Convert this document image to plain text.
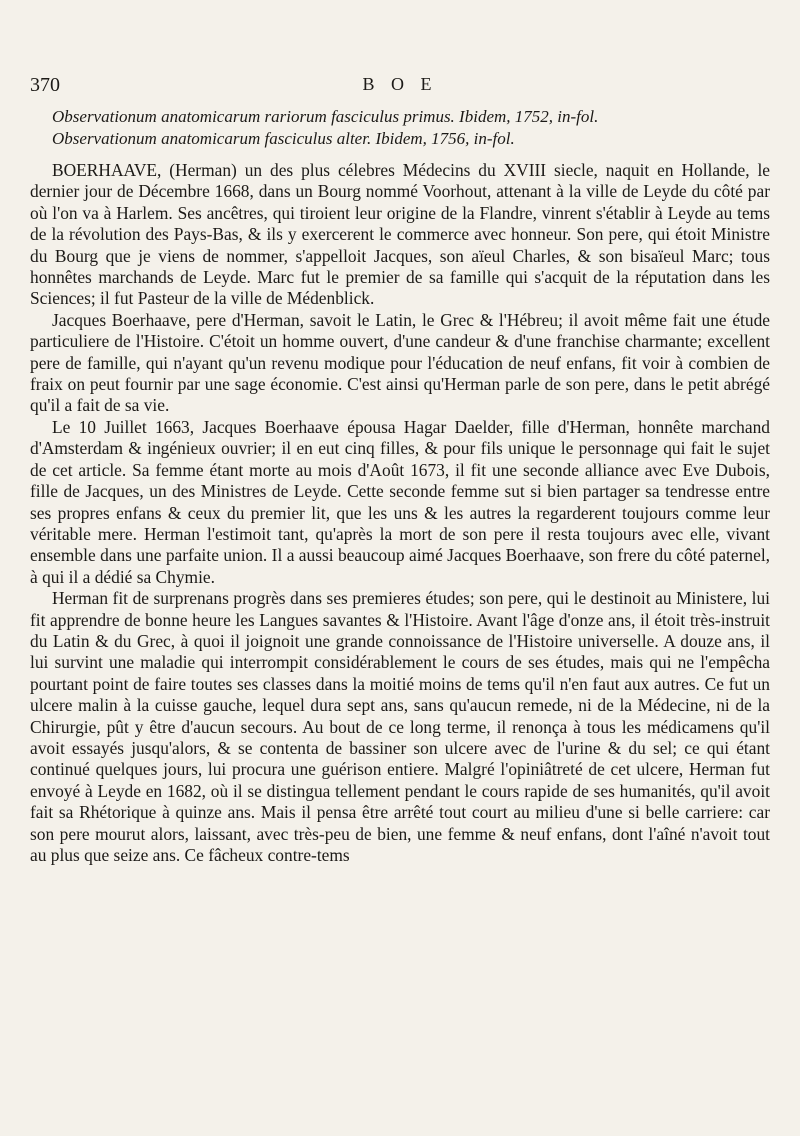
370	B O E
Observationum anatomicarum rariorum fasciculus primus. Ibidem, 1752, in-fol.
Observationum anatomicarum fasciculus alter. Ibidem, 1756, in-fol.

BOERHAAVE, (Herman) un des plus célebres Médecins du XVIII siecle, naquit en Hollande, le dernier jour de Décembre 1668, dans un Bourg nommé Voorhout, attenant à la ville de Leyde du côté par où l'on va à Harlem. Ses ancêtres, qui tiroient leur origine de la Flandre, vinrent s'établir à Leyde au tems de la révolution des Pays-Bas, & ils y exercerent le commerce avec honneur. Son pere, qui étoit Ministre du Bourg que je viens de nommer, s'appelloit Jacques, son aïeul Charles, & son bisaïeul Marc; tous honnêtes marchands de Leyde. Marc fut le premier de sa famille qui s'acquit de la réputation dans les Sciences; il fut Pasteur de la ville de Médenblick.

Jacques Boerhaave, pere d'Herman, savoit le Latin, le Grec & l'Hébreu; il avoit même fait une étude particuliere de l'Histoire. C'étoit un homme ouvert, d'une candeur & d'une franchise charmante; excellent pere de famille, qui n'ayant qu'un revenu modique pour l'éducation de neuf enfans, fit voir à combien de fraix on peut fournir par une sage économie. C'est ainsi qu'Herman parle de son pere, dans le petit abrégé qu'il a fait de sa vie.

Le 10 Juillet 1663, Jacques Boerhaave épousa Hagar Daelder, fille d'Herman, honnête marchand d'Amsterdam & ingénieux ouvrier; il en eut cinq filles, & pour fils unique le personnage qui fait le sujet de cet article. Sa femme étant morte au mois d'Août 1673, il fit une seconde alliance avec Eve Dubois, fille de Jacques, un des Ministres de Leyde. Cette seconde femme sut si bien partager sa tendresse entre ses propres enfans & ceux du premier lit, que les uns & les autres la regarderent toujours comme leur véritable mere. Herman l'estimoit tant, qu'après la mort de son pere il resta toujours avec elle, vivant ensemble dans une parfaite union. Il a aussi beaucoup aimé Jacques Boerhaave, son frere du côté paternel, à qui il a dédié sa Chymie.

Herman fit de surprenans progrès dans ses premieres études; son pere, qui le destinoit au Ministere, lui fit apprendre de bonne heure les Langues savantes & l'Histoire. Avant l'âge d'onze ans, il étoit très-instruit du Latin & du Grec, à quoi il joignoit une grande connoissance de l'Histoire universelle. A douze ans, il lui survint une maladie qui interrompit considérablement le cours de ses études, mais qui ne l'empêcha pourtant point de faire toutes ses classes dans la moitié moins de tems qu'il n'en faut aux autres. Ce fut un ulcere malin à la cuisse gauche, lequel dura sept ans, sans qu'aucun remede, ni de la Médecine, ni de la Chirurgie, pût y être d'aucun secours. Au bout de ce long terme, il renonça à tous les médicamens qu'il avoit essayés jusqu'alors, & se contenta de bassiner son ulcere avec de l'urine & du sel; ce qui étant continué quelques jours, lui procura une guérison entiere. Malgré l'opiniâtreté de cet ulcere, Herman fut envoyé à Leyde en 1682, où il se distingua tellement pendant le cours rapide de ses humanités, qu'il avoit fait sa Rhétorique à quinze ans. Mais il pensa être arrêté tout court au milieu d'une si belle carriere: car son pere mourut alors, laissant, avec très-peu de bien, une femme & neuf enfans, dont l'aîné n'avoit tout au plus que seize ans. Ce fâcheux contre-tems
